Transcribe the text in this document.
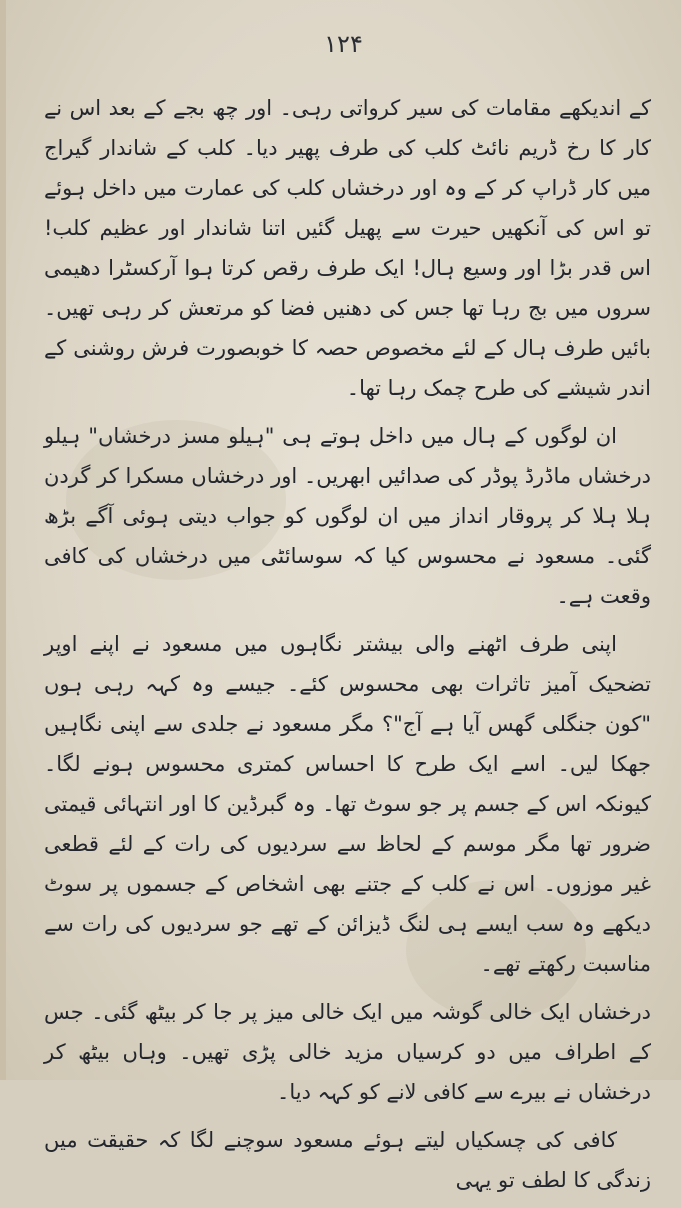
۱۲۴

کے اندیکھے مقامات کی سیر کرواتی رہی۔ اور چھ بجے کے بعد اس نے کار کا رخ ڈریم نائٹ کلب کی طرف پھیر دیا۔ کلب کے شاندار گیراج میں کار ڈراپ کر کے وہ اور درخشاں کلب کی عمارت میں داخل ہوئے تو اس کی آنکھیں حیرت سے پھیل گئیں اتنا شاندار اور عظیم کلب! اس قدر بڑا اور وسیع ہال! ایک طرف رقص کرتا ہوا آرکسٹرا دھیمی سروں میں بج رہا تھا جس کی دھنیں فضا کو مرتعش کر رہی تھیں۔ بائیں طرف ہال کے لئے مخصوص حصہ کا خوبصورت فرش روشنی کے اندر شیشے کی طرح چمک رہا تھا۔

ان لوگوں کے ہال میں داخل ہوتے ہی "ہیلو مسز درخشاں" ہیلو درخشاں ماڈرڈ پوڈر کی صدائیں ابھریں۔ اور درخشاں مسکرا کر گردن ہلا ہلا کر پروقار انداز میں ان لوگوں کو جواب دیتی ہوئی آگے بڑھ گئی۔ مسعود نے محسوس کیا کہ سوسائٹی میں درخشاں کی کافی وقعت ہے۔

اپنی طرف اٹھنے والی بیشتر نگاہوں میں مسعود نے اپنے اوپر تضحیک آمیز تاثرات بھی محسوس کئے۔ جیسے وہ کہہ رہی ہوں "کون جنگلی گھس آیا ہے آج"؟ مگر مسعود نے جلدی سے اپنی نگاہیں جھکا لیں۔ اسے ایک طرح کا احساس کمتری محسوس ہونے لگا۔ کیونکہ اس کے جسم پر جو سوٹ تھا۔ وہ گبرڈین کا اور انتہائی قیمتی ضرور تھا مگر موسم کے لحاظ سے سردیوں کی رات کے لئے قطعی غیر موزوں۔ اس نے کلب کے جتنے بھی اشخاص کے جسموں پر سوٹ دیکھے وہ سب ایسے ہی لنگ ڈیزائن کے تھے جو سردیوں کی رات سے مناسبت رکھتے تھے۔

درخشاں ایک خالی گوشہ میں ایک خالی میز پر جا کر بیٹھ گئی۔ جس کے اطراف میں دو کرسیاں مزید خالی پڑی تھیں۔ وہاں بیٹھ کر درخشاں نے بیرے سے کافی لانے کو کہہ دیا۔

کافی کی چسکیاں لیتے ہوئے مسعود سوچنے لگا کہ حقیقت میں زندگی کا لطف تو یہی
